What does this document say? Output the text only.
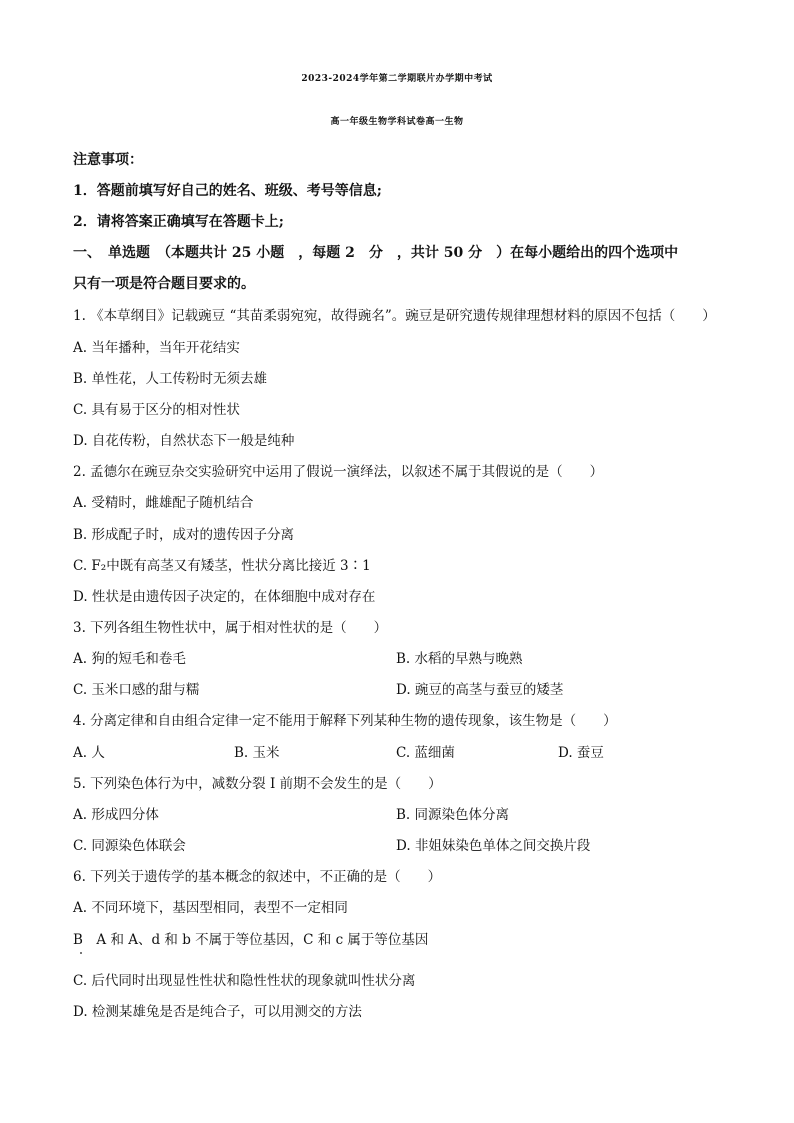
2023-2024学年第二学期联片办学期中考试
高一年级生物学科试卷高一生物
注意事项：
1．答题前填写好自己的姓名、班级、考号等信息;
2．请将答案正确填写在答题卡上;
一、　单选题　（本题共计 25 小题　，每题 2　分　，共计 50 分　）在每小题给出的四个选项中
只有一项是符合题目要求的。
1. 《本草纲目》记载豌豆 “其苗柔弱宛宛，故得豌名”。豌豆是研究遗传规律理想材料的原因不包括（　　）
A. 当年播种，当年开花结实
B. 单性花，人工传粉时无须去雄
C. 具有易于区分的相对性状
D. 自花传粉，自然状态下一般是纯种
2. 孟德尔在豌豆杂交实验研究中运用了假说一演绎法，以叙述不属于其假说的是（　　）
A. 受精时，雌雄配子随机结合
B. 形成配子时，成对的遗传因子分离
C. F₂中既有高茎又有矮茎，性状分离比接近 3∶1
D. 性状是由遗传因子决定的，在体细胞中成对存在
3. 下列各组生物性状中，属于相对性状的是（　　）
A. 狗的短毛和卷毛	B. 水稻的早熟与晚熟
C. 玉米口感的甜与糯	D. 豌豆的高茎与蚕豆的矮茎
4. 分离定律和自由组合定律一定不能用于解释下列某种生物的遗传现象，该生物是（　　）
A. 人	B. 玉米	C. 蓝细菌	D. 蚕豆
5. 下列染色体行为中，减数分裂 I 前期不会发生的是（　　）
A. 形成四分体	B. 同源染色体分离
C. 同源染色体联会	D. 非姐妹染色单体之间交换片段
6. 下列关于遗传学的基本概念的叙述中，不正确的是（　　）
A. 不同环境下，基因型相同，表型不一定相同
B　A 和 A、d 和 b 不属于等位基因，C 和 c 属于等位基因
C. 后代同时出现显性性状和隐性性状的现象就叫性状分离
D. 检测某雄兔是否是纯合子，可以用测交的方法
